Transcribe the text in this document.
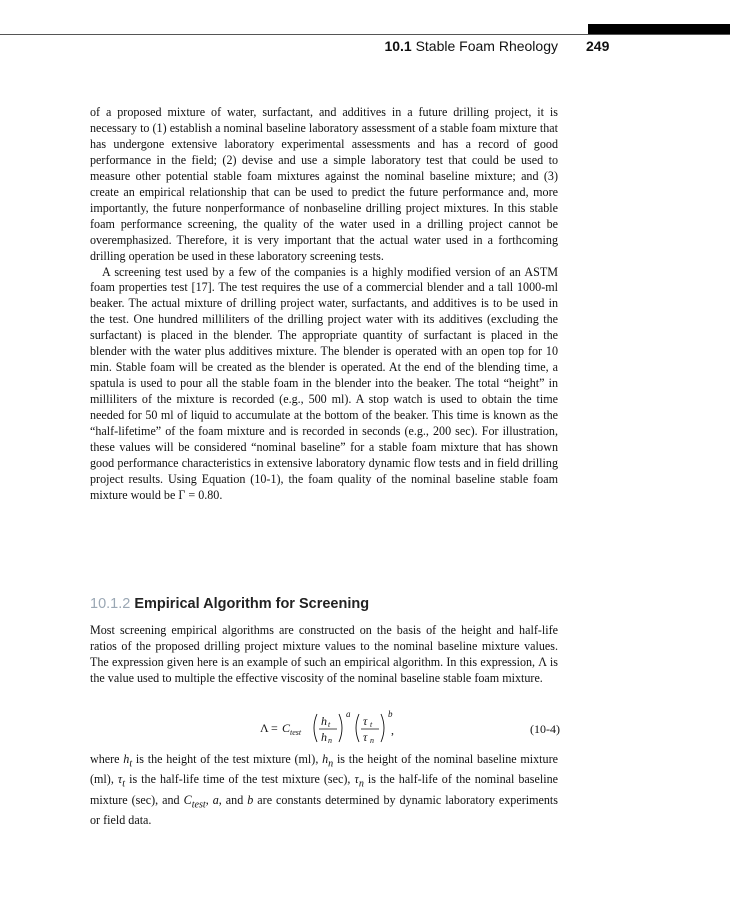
10.1 Stable Foam Rheology 249

of a proposed mixture of water, surfactant, and additives in a future drilling project, it is necessary to (1) establish a nominal baseline laboratory assessment of a stable foam mixture that has undergone extensive laboratory experimental assessments and has a record of good performance in the field; (2) devise and use a simple laboratory test that could be used to measure other potential stable foam mixtures against the nominal baseline mixture; and (3) create an empirical relationship that can be used to predict the future performance and, more importantly, the future nonperformance of nonbaseline drilling project mixtures. In this stable foam performance screening, the quality of the water used in a drilling project cannot be overemphasized. Therefore, it is very important that the actual water used in a forthcoming drilling operation be used in these laboratory screening tests.

A screening test used by a few of the companies is a highly modified version of an ASTM foam properties test [17]. The test requires the use of a commercial blender and a tall 1000-ml beaker. The actual mixture of drilling project water, surfactants, and additives is to be used in the test. One hundred milliliters of the drilling project water with its additives (excluding the surfactant) is placed in the blender. The appropriate quantity of surfactant is placed in the blender with the water plus additives mixture. The blender is operated with an open top for 10 min. Stable foam will be created as the blender is operated. At the end of the blending time, a spatula is used to pour all the stable foam in the blender into the beaker. The total “height” in milliliters of the mixture is recorded (e.g., 500 ml). A stop watch is used to obtain the time needed for 50 ml of liquid to accumulate at the bottom of the beaker. This time is known as the “half-lifetime” of the foam mixture and is recorded in seconds (e.g., 200 sec). For illustration, these values will be considered “nominal baseline” for a stable foam mixture that has shown good performance characteristics in extensive laboratory dynamic flow tests and in field drilling project results. Using Equation (10-1), the foam quality of the nominal baseline stable foam mixture would be Γ = 0.80.

10.1.2 Empirical Algorithm for Screening

Most screening empirical algorithms are constructed on the basis of the height and half-life ratios of the proposed drilling project mixture values to the nominal baseline mixture values. The expression given here is an example of such an empirical algorithm. In this expression, Λ is the value used to multiple the effective viscosity of the nominal baseline stable foam mixture.

Λ = C test
h t
h n
a τ t
τ n
b
,	(10-4)

where $h_t$ is the height of the test mixture (ml), $h_n$ is the height of the nominal baseline mixture (ml), $\tau_t$ is the half-life time of the test mixture (sec), $\tau_n$ is the half-life of the nominal baseline mixture (sec), and $C_{test}$, a, and b are constants determined by dynamic laboratory experiments or field data.
